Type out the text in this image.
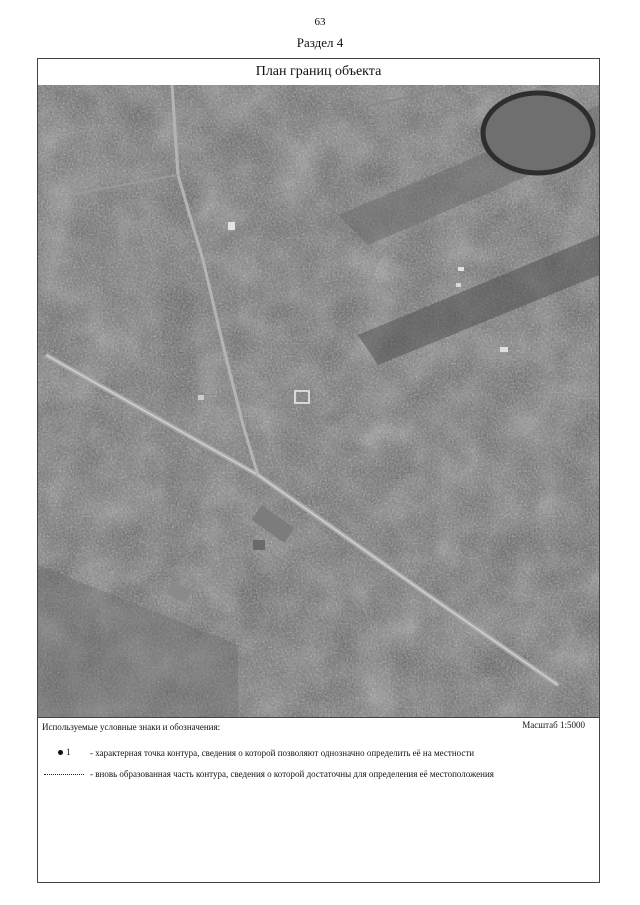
63
Раздел 4
План границ объекта
Используемые условные знаки и обозначения:	Масштаб 1:5000
1 - характерная точка контура, сведения о которой позволяют однозначно определить её на местности
- вновь образованная часть контура, сведения о которой достаточны для определения её местоположения
